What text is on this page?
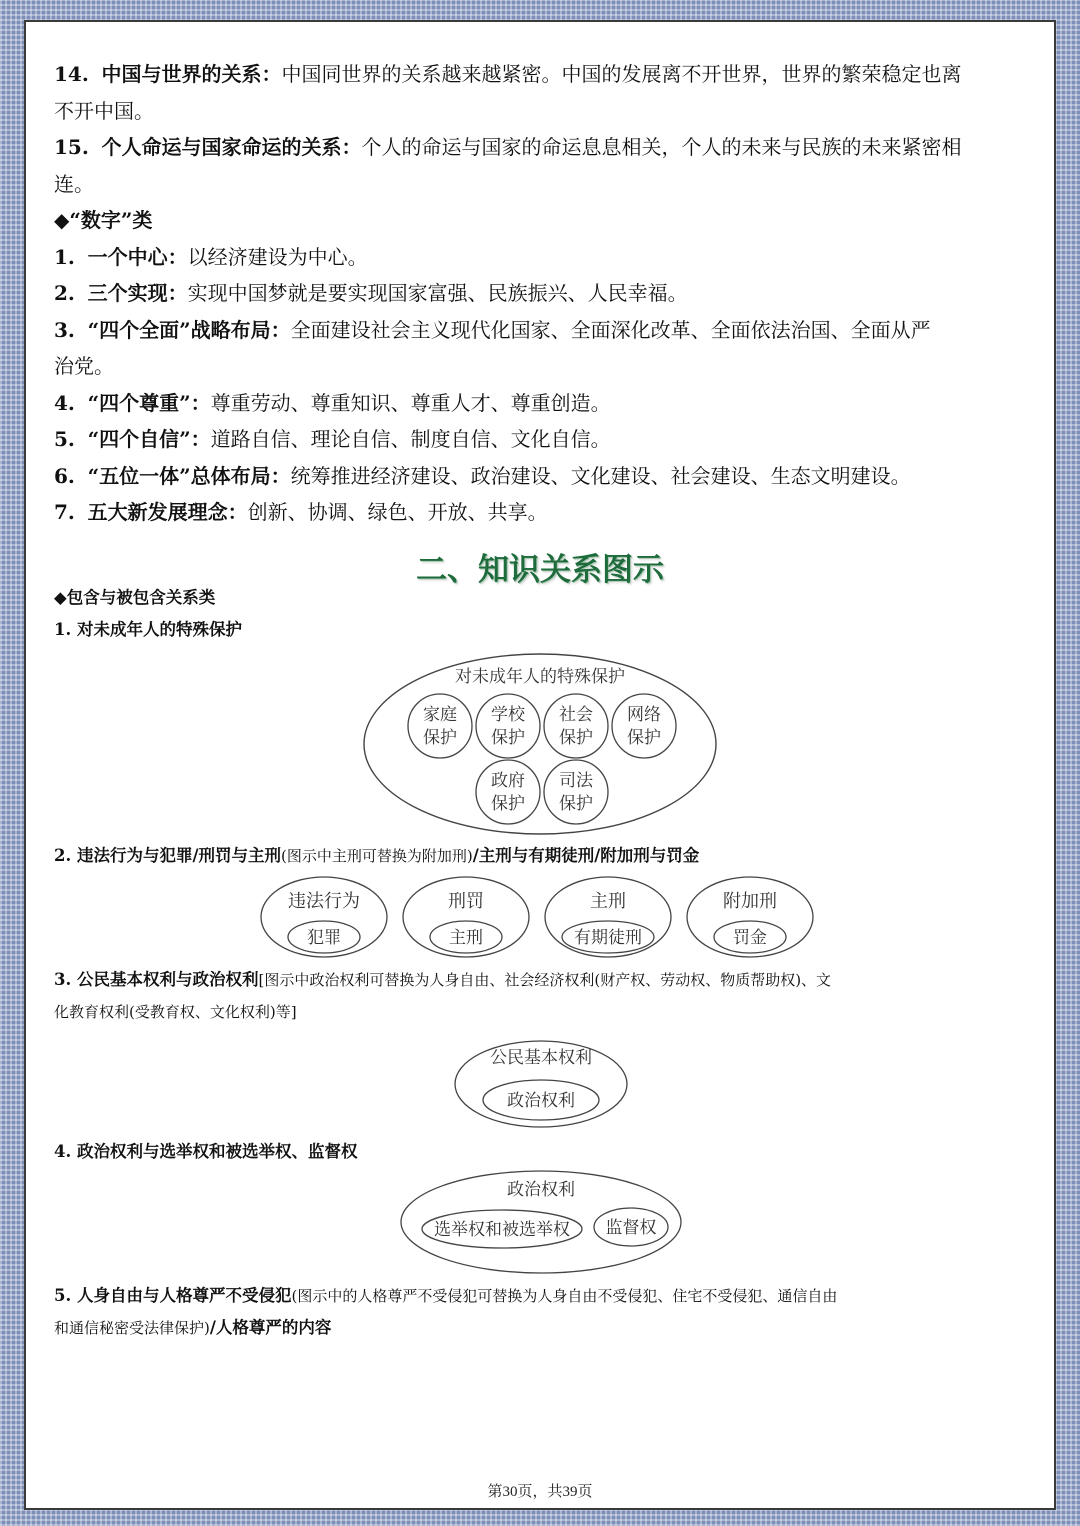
14. 中国与世界的关系：中国同世界的关系越来越紧密。中国的发展离不开世界，世界的繁荣稳定也离
不开中国。
15. 个人命运与国家命运的关系：个人的命运与国家的命运息息相关，个人的未来与民族的未来紧密相
连。
◆“数字”类
1. 一个中心：以经济建设为中心。
2. 三个实现：实现中国梦就是要实现国家富强、民族振兴、人民幸福。
3. “四个全面”战略布局：全面建设社会主义现代化国家、全面深化改革、全面依法治国、全面从严
治党。
4. “四个尊重”：尊重劳动、尊重知识、尊重人才、尊重创造。
5. “四个自信”：道路自信、理论自信、制度自信、文化自信。
6. “五位一体”总体布局：统筹推进经济建设、政治建设、文化建设、社会建设、生态文明建设。
7. 五大新发展理念：创新、协调、绿色、开放、共享。
二、知识关系图示
◆包含与被包含关系类
1. 对未成年人的特殊保护
对未成年人的特殊保护
家庭
保护
学校
保护
社会
保护
网络
保护
政府
保护
司法
保护
2. 违法行为与犯罪/刑罚与主刑(图示中主刑可替换为附加刑)/主刑与有期徒刑/附加刑与罚金
违法行为
犯罪
刑罚
主刑
主刑
有期徒刑
附加刑
罚金
3. 公民基本权利与政治权利[图示中政治权利可替换为人身自由、社会经济权利(财产权、劳动权、物质帮助权)、文
化教育权利(受教育权、文化权利)等]
公民基本权利
政治权利
4. 政治权利与选举权和被选举权、监督权
政治权利
选举权和被选举权 监督权
5. 人身自由与人格尊严不受侵犯(图示中的人格尊严不受侵犯可替换为人身自由不受侵犯、住宅不受侵犯、通信自由
和通信秘密受法律保护)/人格尊严的内容
第30页，共39页
